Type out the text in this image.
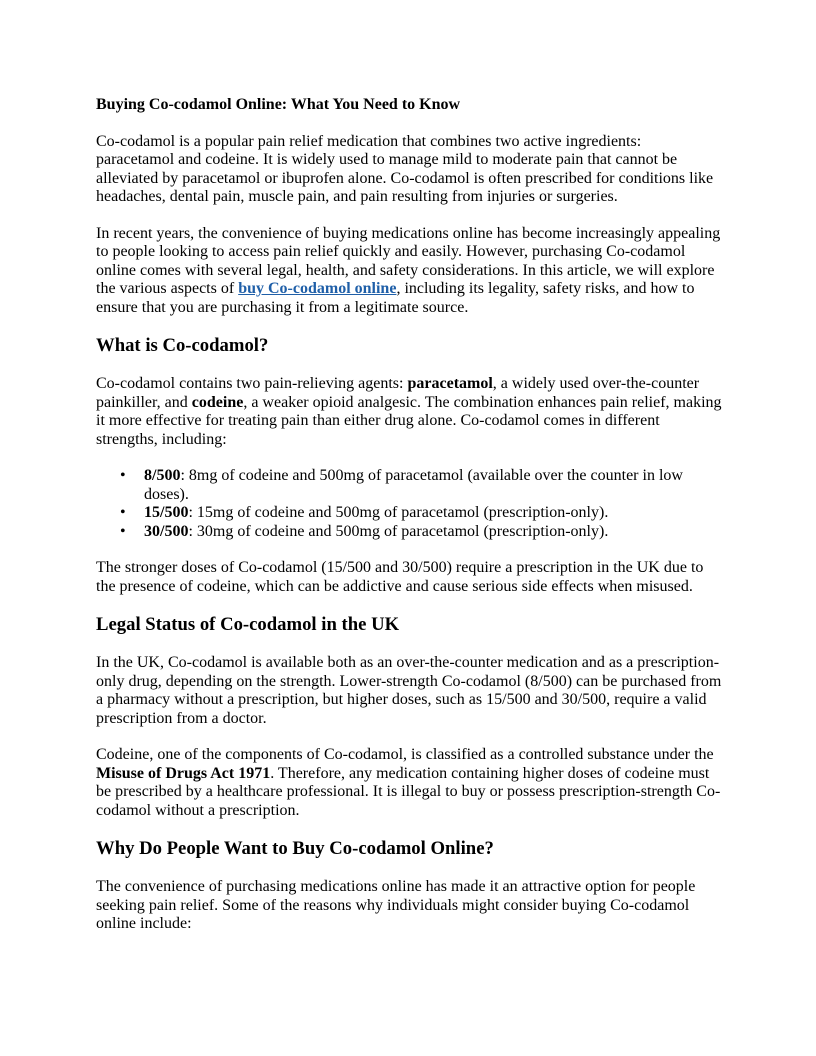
Buying Co-codamol Online: What You Need to Know

Co-codamol is a popular pain relief medication that combines two active ingredients: paracetamol and codeine. It is widely used to manage mild to moderate pain that cannot be alleviated by paracetamol or ibuprofen alone. Co-codamol is often prescribed for conditions like headaches, dental pain, muscle pain, and pain resulting from injuries or surgeries.

In recent years, the convenience of buying medications online has become increasingly appealing to people looking to access pain relief quickly and easily. However, purchasing Co-codamol online comes with several legal, health, and safety considerations. In this article, we will explore the various aspects of buy Co-codamol online, including its legality, safety risks, and how to ensure that you are purchasing it from a legitimate source.

What is Co-codamol?

Co-codamol contains two pain-relieving agents: paracetamol, a widely used over-the-counter painkiller, and codeine, a weaker opioid analgesic. The combination enhances pain relief, making it more effective for treating pain than either drug alone. Co-codamol comes in different strengths, including:

• 8/500: 8mg of codeine and 500mg of paracetamol (available over the counter in low doses).
• 15/500: 15mg of codeine and 500mg of paracetamol (prescription-only).
• 30/500: 30mg of codeine and 500mg of paracetamol (prescription-only).

The stronger doses of Co-codamol (15/500 and 30/500) require a prescription in the UK due to the presence of codeine, which can be addictive and cause serious side effects when misused.

Legal Status of Co-codamol in the UK

In the UK, Co-codamol is available both as an over-the-counter medication and as a prescription-only drug, depending on the strength. Lower-strength Co-codamol (8/500) can be purchased from a pharmacy without a prescription, but higher doses, such as 15/500 and 30/500, require a valid prescription from a doctor.

Codeine, one of the components of Co-codamol, is classified as a controlled substance under the Misuse of Drugs Act 1971. Therefore, any medication containing higher doses of codeine must be prescribed by a healthcare professional. It is illegal to buy or possess prescription-strength Co-codamol without a prescription.

Why Do People Want to Buy Co-codamol Online?

The convenience of purchasing medications online has made it an attractive option for people seeking pain relief. Some of the reasons why individuals might consider buying Co-codamol online include:
